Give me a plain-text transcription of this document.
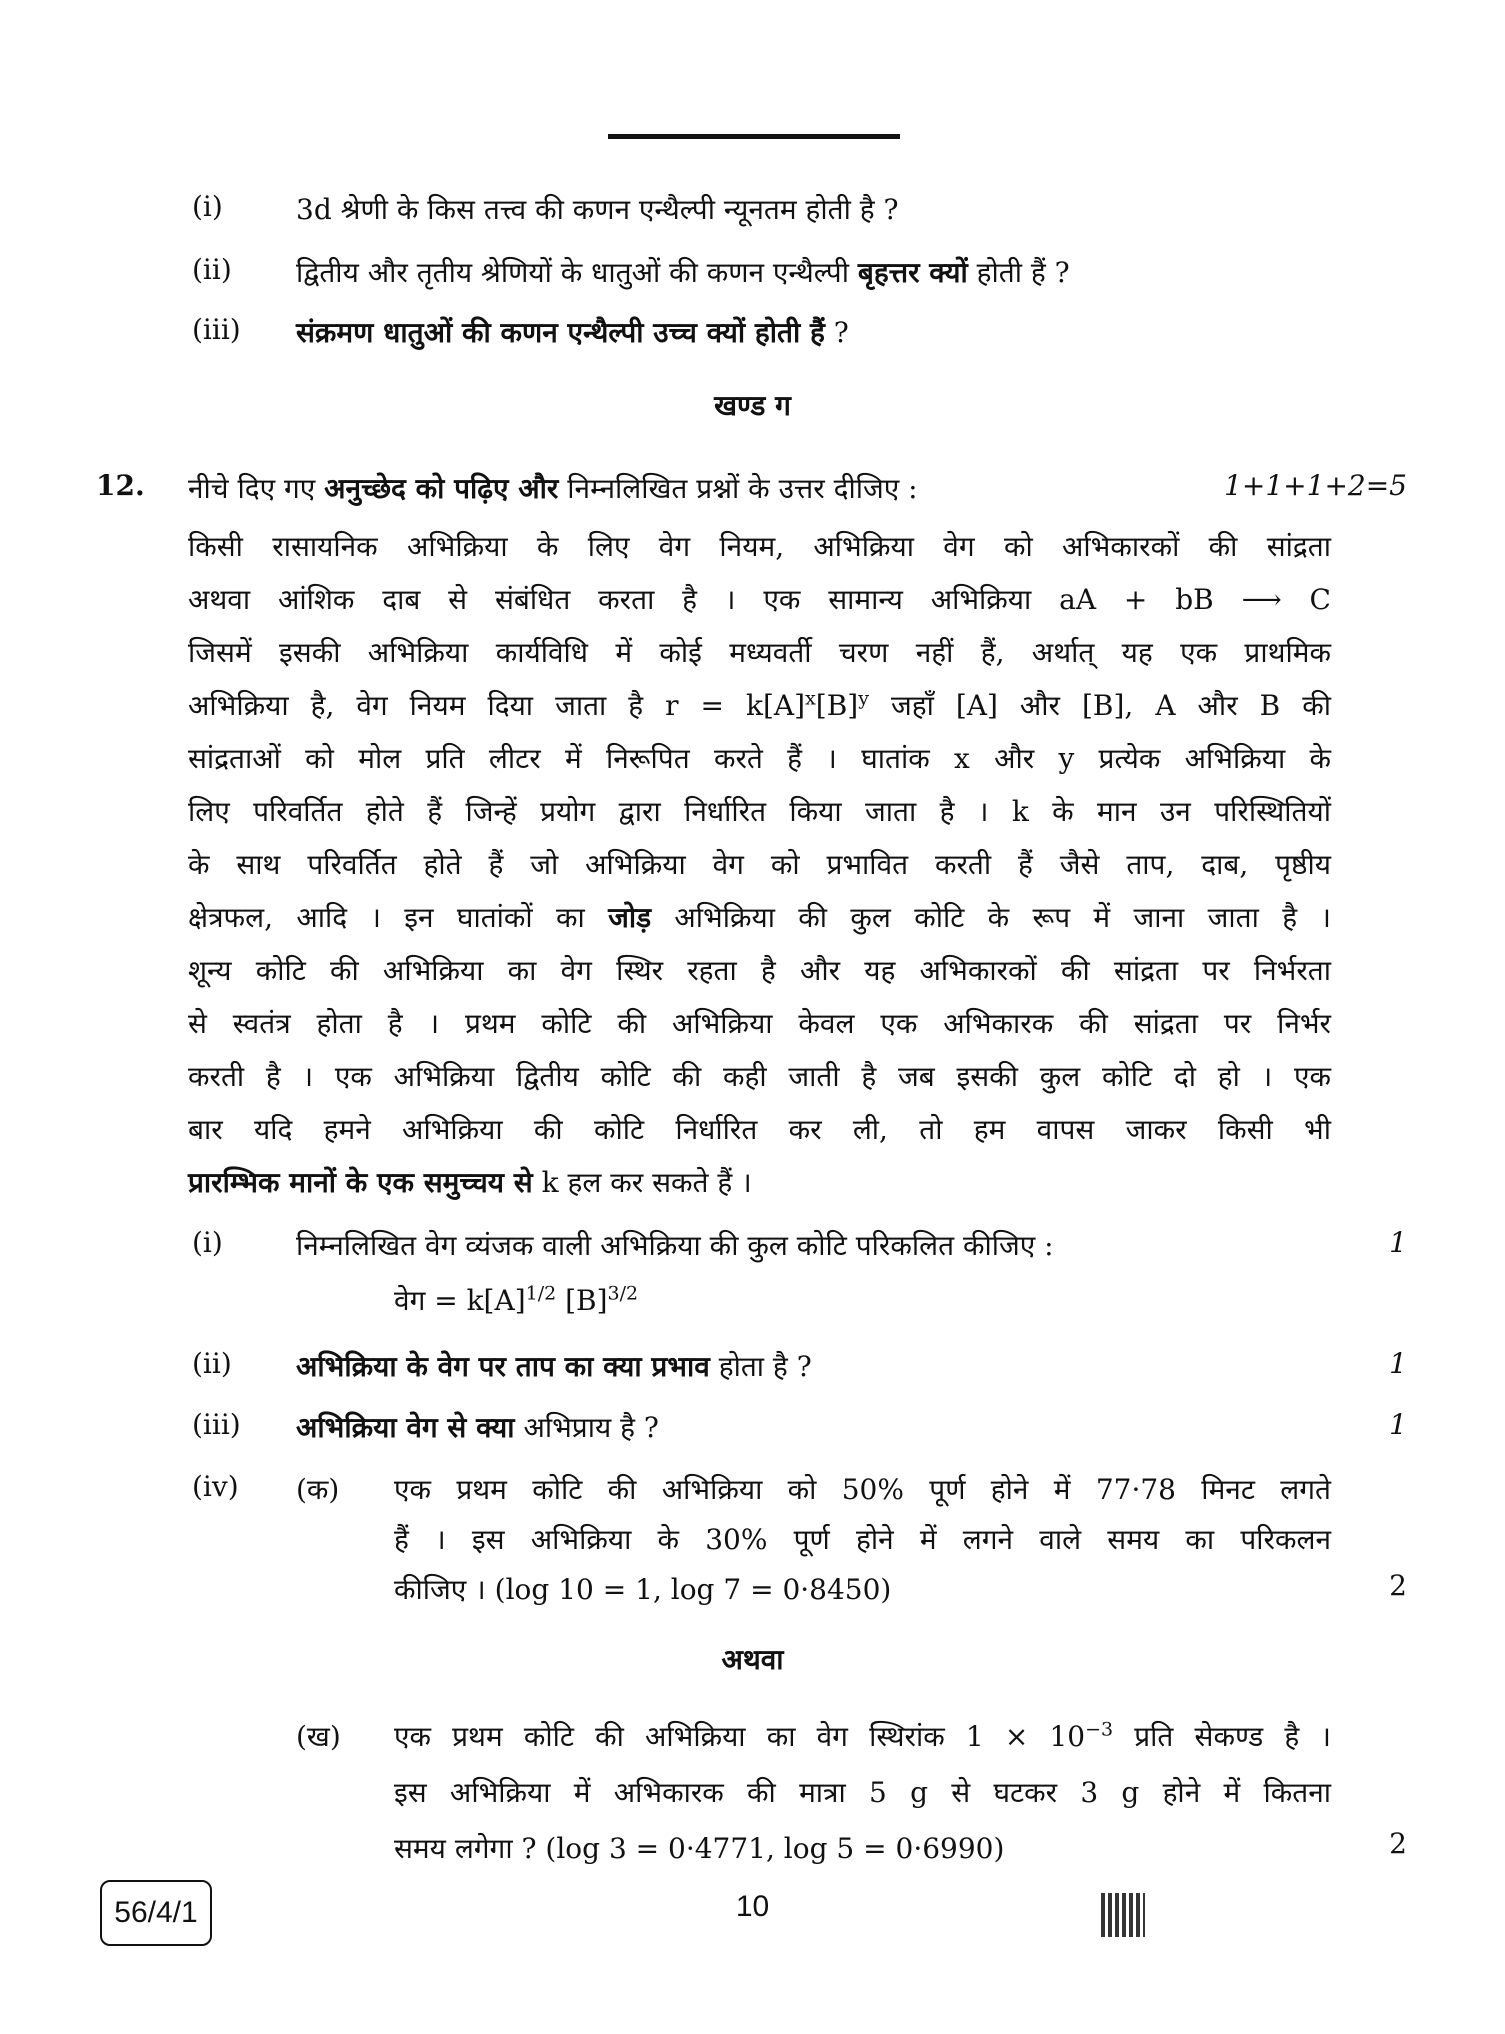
(i)	3d श्रेणी के किस तत्त्व की कणन एन्थैल्पी न्यूनतम होती है ?
(ii) द्वितीय और तृतीय श्रेणियों के धातुओं की कणन एन्थैल्पी बृहत्तर क्यों होती हैं ?
(iii) संक्रमण धातुओं की कणन एन्थैल्पी उच्च क्यों होती हैं ?
खण्ड ग
12. नीचे दिए गए अनुच्छेद को पढ़िए और निम्नलिखित प्रश्नों के उत्तर दीजिए :	1+1+1+2=5
किसी रासायनिक अभिक्रिया के लिए वेग नियम, अभिक्रिया वेग को अभिकारकों की सांद्रता
अथवा आंशिक दाब से संबंधित करता है । एक सामान्य अभिक्रिया aA + bB ⟶ C
जिसमें इसकी अभिक्रिया कार्यविधि में कोई मध्यवर्ती चरण नहीं हैं, अर्थात् यह एक प्राथमिक
अभिक्रिया है, वेग नियम दिया जाता है $r = k[A]^x[B]^y$ जहाँ [A] और [B], A और B की
सांद्रताओं को मोल प्रति लीटर में निरूपित करते हैं । घातांक x और y प्रत्येक अभिक्रिया के
लिए परिवर्तित होते हैं जिन्हें प्रयोग द्वारा निर्धारित किया जाता है । k के मान उन परिस्थितियों
के साथ परिवर्तित होते हैं जो अभिक्रिया वेग को प्रभावित करती हैं जैसे ताप, दाब, पृष्ठीय
क्षेत्रफल, आदि । इन घातांकों का जोड़ अभिक्रिया की कुल कोटि के रूप में जाना जाता है ।
शून्य कोटि की अभिक्रिया का वेग स्थिर रहता है और यह अभिकारकों की सांद्रता पर निर्भरता
से स्वतंत्र होता है । प्रथम कोटि की अभिक्रिया केवल एक अभिकारक की सांद्रता पर निर्भर
करती है । एक अभिक्रिया द्वितीय कोटि की कही जाती है जब इसकी कुल कोटि दो हो । एक
बार यदि हमने अभिक्रिया की कोटि निर्धारित कर ली, तो हम वापस जाकर किसी भी
प्रारम्भिक मानों के एक समुच्चय से k हल कर सकते हैं ।
(i)	निम्नलिखित वेग व्यंजक वाली अभिक्रिया की कुल कोटि परिकलित कीजिए :	1
वेग = $k[A]^{1/2}$ $[B]^{3/2}$
(ii) अभिक्रिया के वेग पर ताप का क्या प्रभाव होता है ?	1
(iii) अभिक्रिया वेग से क्या अभिप्राय है ?	1
(iv) (क) एक प्रथम कोटि की अभिक्रिया को 50% पूर्ण होने में 77·78 मिनट लगते
हैं । इस अभिक्रिया के 30% पूर्ण होने में लगने वाले समय का परिकलन
कीजिए । (log 10 = 1, log 7 = 0·8450)	2
अथवा
(ख) एक प्रथम कोटि की अभिक्रिया का वेग स्थिरांक $1 \times 10^{-3}$ प्रति सेकण्ड है ।
इस अभिक्रिया में अभिकारक की मात्रा 5 g से घटकर 3 g होने में कितना
समय लगेगा ? (log 3 = 0·4771, log 5 = 0·6990)	2
56/4/1	10
